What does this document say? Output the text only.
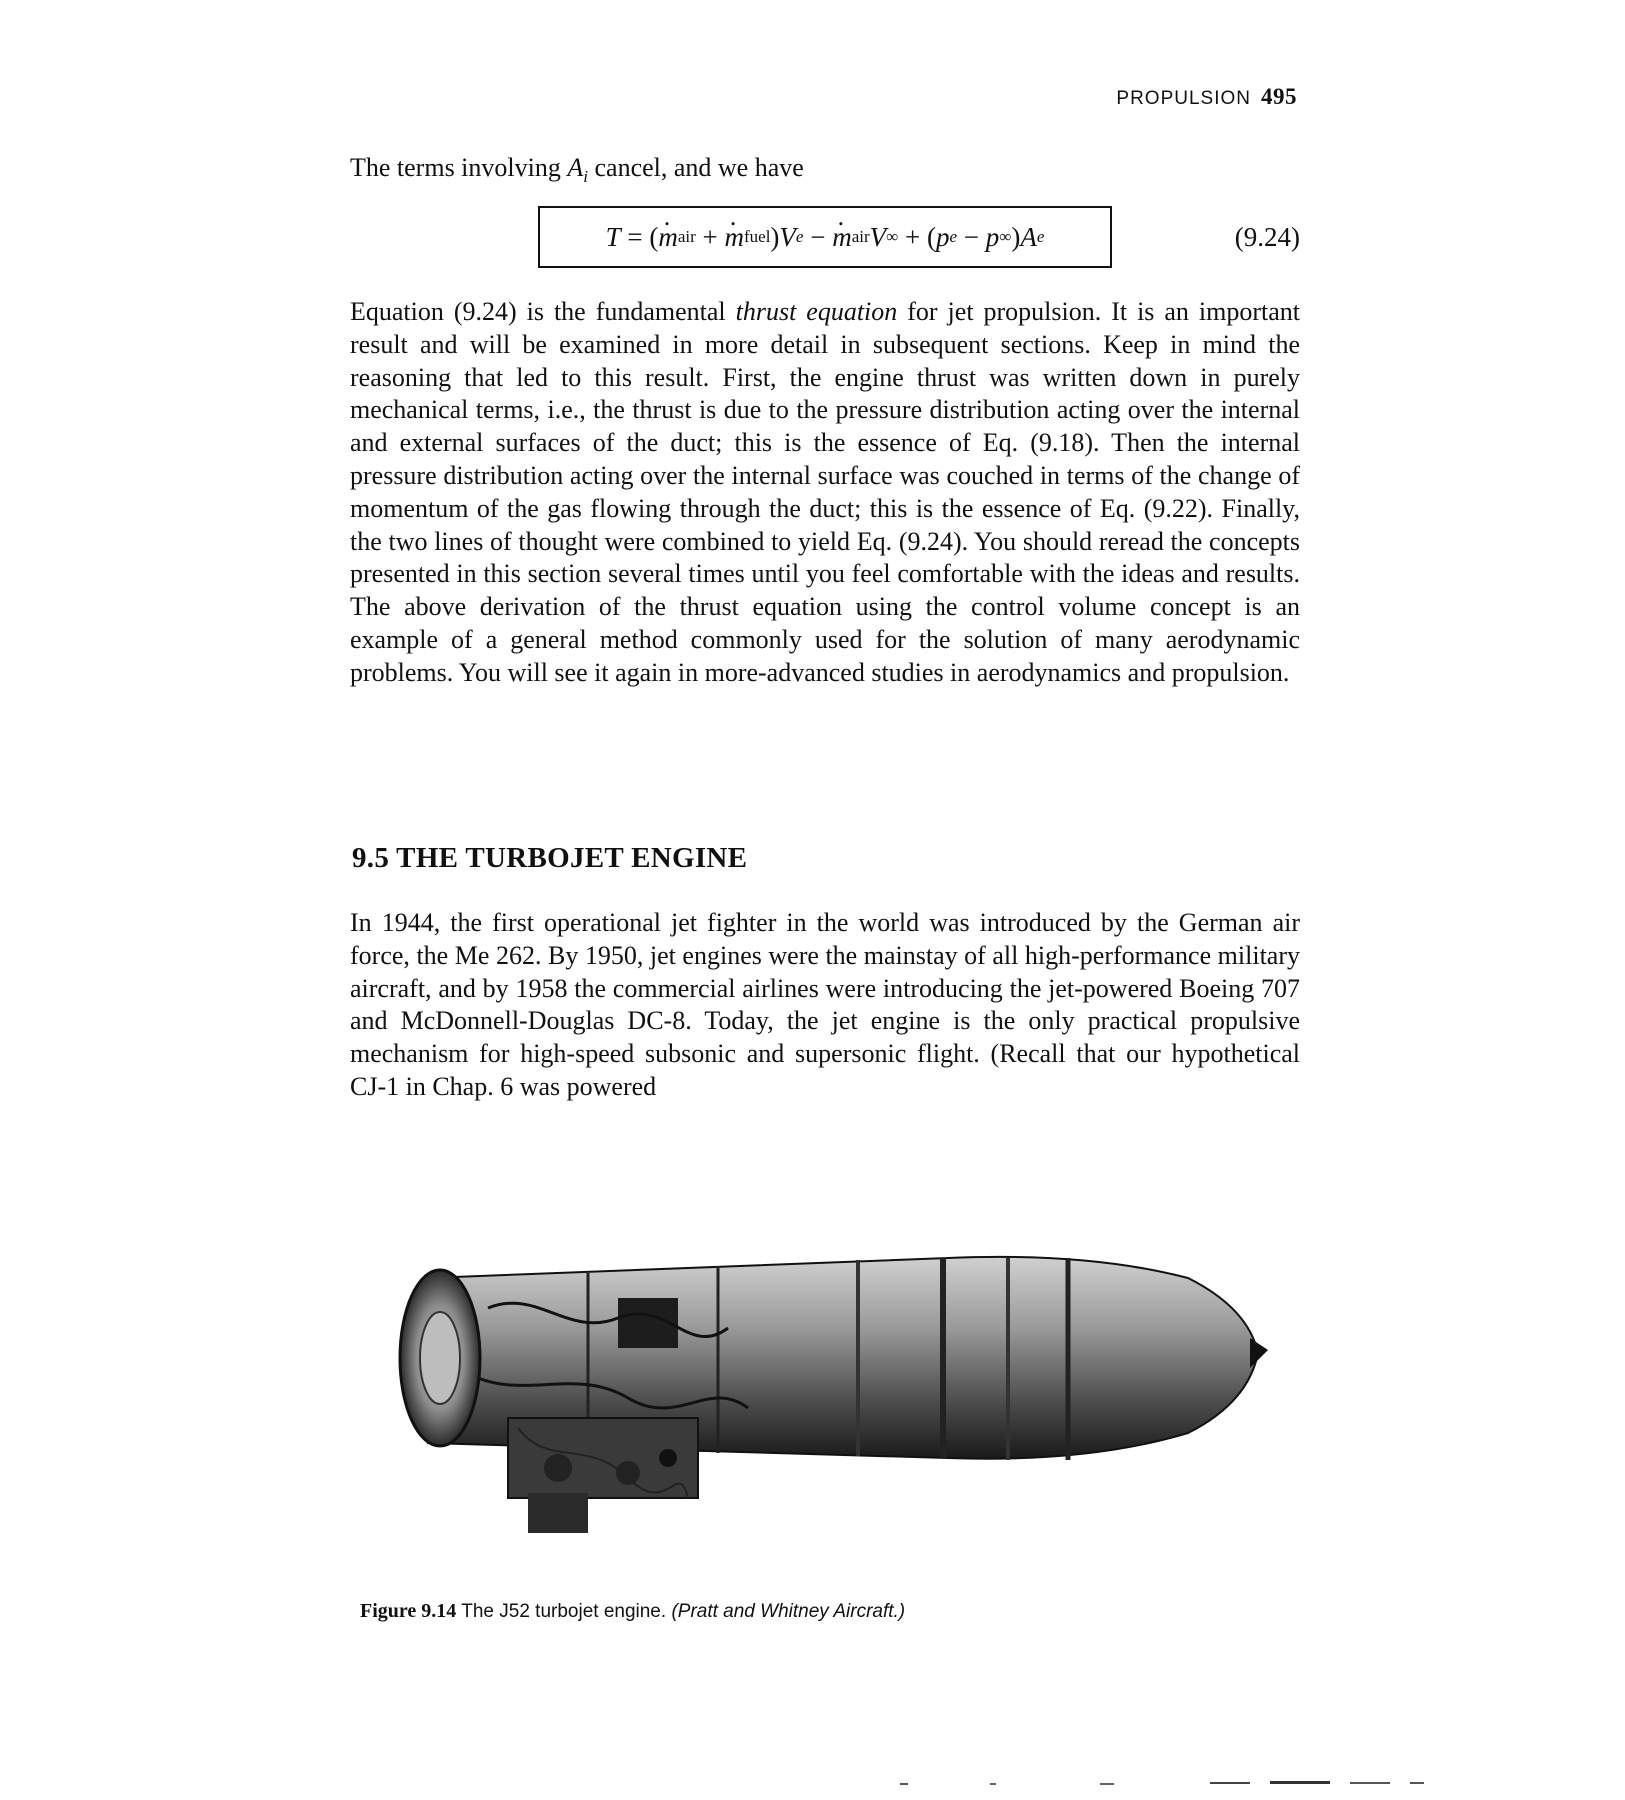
PROPULSION 495
The terms involving $A_i$ cancel, and we have
T = ( . m air + . m fuel ) V e − . m air V ∞ + ( p e − p ∞ ) A e	(9.24)
Equation (9.24) is the fundamental thrust equation for jet propulsion. It is an important result and will be examined in more detail in subsequent sections. Keep in mind the reasoning that led to this result. First, the engine thrust was written down in purely mechanical terms, i.e., the thrust is due to the pressure distribution acting over the internal and external surfaces of the duct; this is the essence of Eq. (9.18). Then the internal pressure distribution acting over the internal surface was couched in terms of the change of momentum of the gas flowing through the duct; this is the essence of Eq. (9.22). Finally, the two lines of thought were combined to yield Eq. (9.24). You should reread the concepts presented in this section several times until you feel comfortable with the ideas and results. The above derivation of the thrust equation using the control volume concept is an example of a general method commonly used for the solution of many aerodynamic problems. You will see it again in more-advanced studies in aerodynamics and propulsion.
9.5 THE TURBOJET ENGINE
In 1944, the first operational jet fighter in the world was introduced by the German air force, the Me 262. By 1950, jet engines were the mainstay of all high-performance military aircraft, and by 1958 the commercial airlines were introducing the jet-powered Boeing 707 and McDonnell-Douglas DC-8. Today, the jet engine is the only practical propulsive mechanism for high-speed subsonic and supersonic flight. (Recall that our hypothetical CJ-1 in Chap. 6 was powered
Figure 9.14 The J52 turbojet engine. (Pratt and Whitney Aircraft.)
